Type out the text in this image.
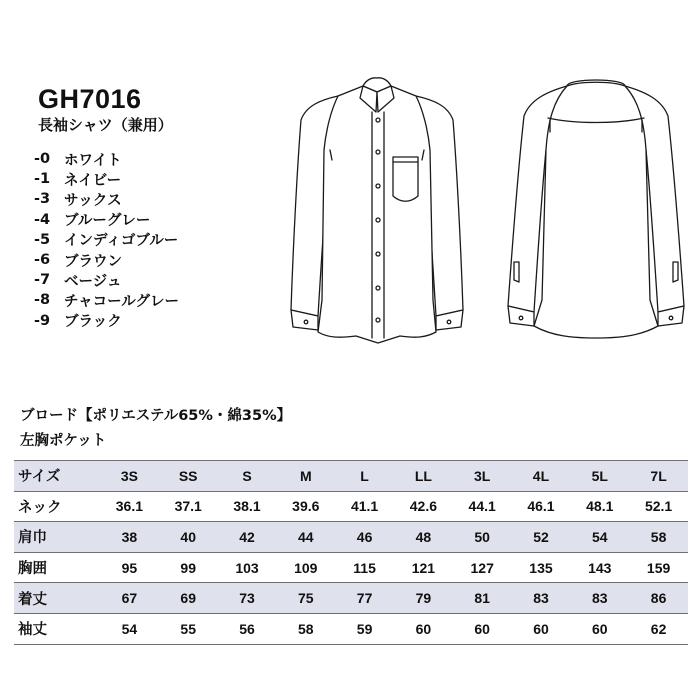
GH7016
長袖シャツ（兼用）
-0 ホワイト
-1 ネイビー
-3 サックス
-4 ブルーグレー
-5 インディゴブルー
-6 ブラウン
-7 ベージュ
-8 チャコールグレー
-9 ブラック
ブロード【ポリエステル65%・綿35%】
左胸ポケット
サイズ	3S	SS	S	M	L	LL	3L	4L	5L	7L
ネック	36.1	37.1	38.1	39.6	41.1	42.6	44.1	46.1	48.1	52.1
肩巾	38	40	42	44	46	48	50	52	54	58
胸囲	95	99	103	109	115	121	127	135	143	159
着丈	67	69	73	75	77	79	81	83	83	86
袖丈	54	55	56	58	59	60	60	60	60	62
